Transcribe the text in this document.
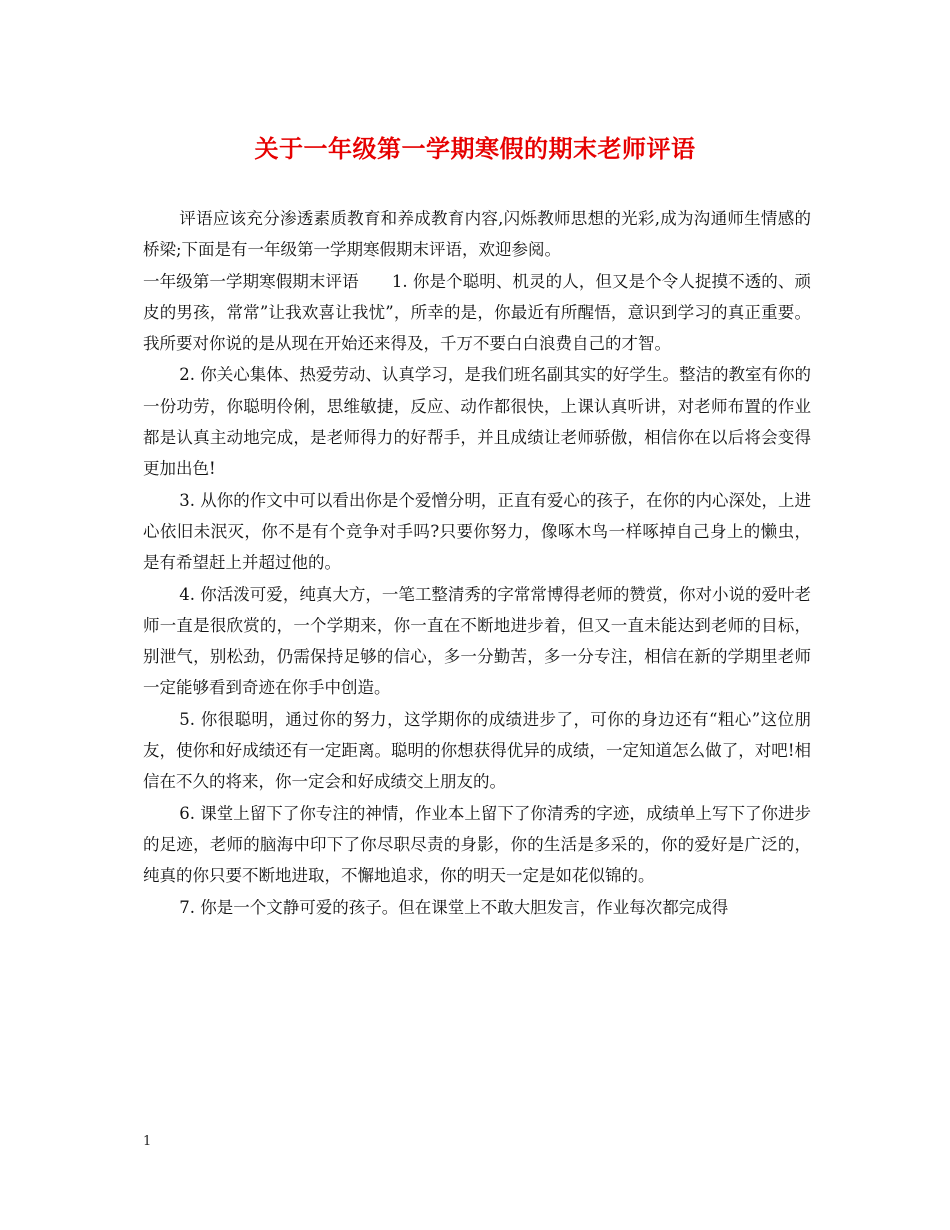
关于一年级第一学期寒假的期末老师评语

评语应该充分渗透素质教育和养成教育内容,闪烁教师思想的光彩,成为沟通师生情感的桥梁;下面是有一年级第一学期寒假期末评语，欢迎参阅。

一年级第一学期寒假期末评语　　1. 你是个聪明、机灵的人，但又是个令人捉摸不透的、顽皮的男孩，常常”让我欢喜让我忧”，所幸的是，你最近有所醒悟，意识到学习的真正重要。我所要对你说的是从现在开始还来得及，千万不要白白浪费自己的才智。

2. 你关心集体、热爱劳动、认真学习，是我们班名副其实的好学生。整洁的教室有你的一份功劳，你聪明伶俐，思维敏捷，反应、动作都很快，上课认真听讲，对老师布置的作业都是认真主动地完成，是老师得力的好帮手，并且成绩让老师骄傲，相信你在以后将会变得更加出色!

3. 从你的作文中可以看出你是个爱憎分明，正直有爱心的孩子，在你的内心深处，上进心依旧未泯灭，你不是有个竞争对手吗?只要你努力，像啄木鸟一样啄掉自己身上的懒虫，是有希望赶上并超过他的。

4. 你活泼可爱，纯真大方，一笔工整清秀的字常常博得老师的赞赏，你对小说的爱叶老师一直是很欣赏的，一个学期来，你一直在不断地进步着，但又一直未能达到老师的目标，别泄气，别松劲，仍需保持足够的信心，多一分勤苦，多一分专注，相信在新的学期里老师一定能够看到奇迹在你手中创造。

5. 你很聪明，通过你的努力，这学期你的成绩进步了，可你的身边还有“粗心”这位朋友，使你和好成绩还有一定距离。聪明的你想获得优异的成绩，一定知道怎么做了，对吧!相信在不久的将来，你一定会和好成绩交上朋友的。

6. 课堂上留下了你专注的神情，作业本上留下了你清秀的字迹，成绩单上写下了你进步的足迹，老师的脑海中印下了你尽职尽责的身影，你的生活是多采的，你的爱好是广泛的，纯真的你只要不断地进取，不懈地追求，你的明天一定是如花似锦的。

7. 你是一个文静可爱的孩子。但在课堂上不敢大胆发言，作业每次都完成得

1
